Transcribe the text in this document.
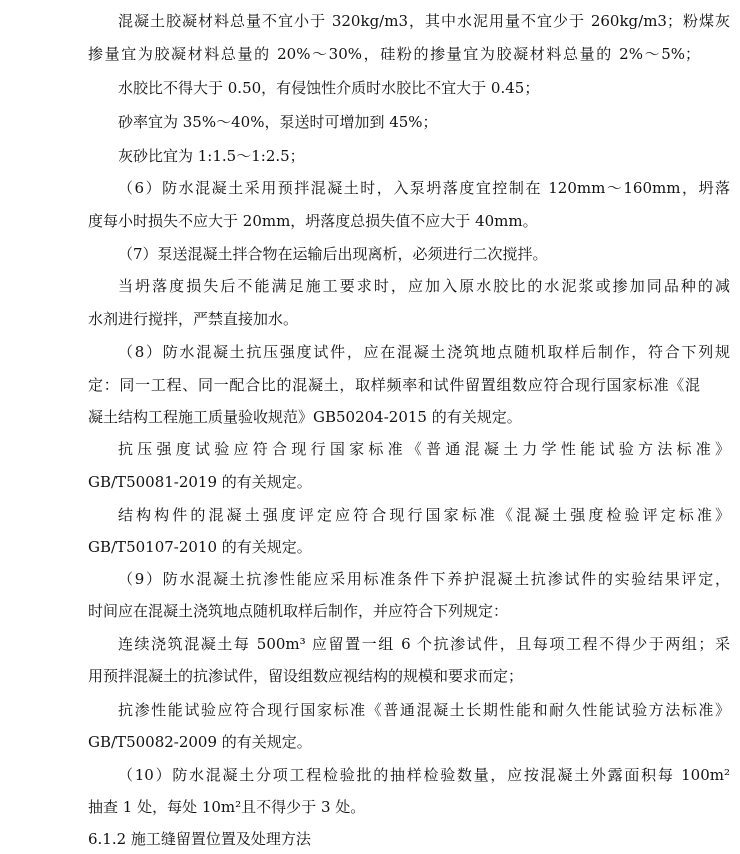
混凝土胶凝材料总量不宜小于 320kg/m3，其中水泥用量不宜少于 260kg/m3；粉煤灰
掺量宜为胶凝材料总量的 20%～30%，硅粉的掺量宜为胶凝材料总量的 2%～5%；
水胶比不得大于 0.50，有侵蚀性介质时水胶比不宜大于 0.45；
砂率宜为 35%～40%，泵送时可增加到 45%；
灰砂比宜为 1:1.5～1:2.5；
（6）防水混凝土采用预拌混凝土时，入泵坍落度宜控制在 120mm～160mm，坍落
度每小时损失不应大于 20mm，坍落度总损失值不应大于 40mm。
（7）泵送混凝土拌合物在运输后出现离析，必须进行二次搅拌。
当坍落度损失后不能满足施工要求时，应加入原水胶比的水泥浆或掺加同品种的减
水剂进行搅拌，严禁直接加水。
（8）防水混凝土抗压强度试件，应在混凝土浇筑地点随机取样后制作，符合下列规
定：同一工程、同一配合比的混凝土，取样频率和试件留置组数应符合现行国家标准《混
凝土结构工程施工质量验收规范》GB50204-2015 的有关规定。
抗压强度试验应符合现行国家标准《普通混凝土力学性能试验方法标准》
GB/T50081-2019 的有关规定。
结构构件的混凝土强度评定应符合现行国家标准《混凝土强度检验评定标准》
GB/T50107-2010 的有关规定。
（9）防水混凝土抗渗性能应采用标准条件下养护混凝土抗渗试件的实验结果评定，
时间应在混凝土浇筑地点随机取样后制作，并应符合下列规定：
连续浇筑混凝土每 500m³ 应留置一组 6 个抗渗试件，且每项工程不得少于两组；采
用预拌混凝土的抗渗试件，留设组数应视结构的规模和要求而定；
抗渗性能试验应符合现行国家标准《普通混凝土长期性能和耐久性能试验方法标准》
GB/T50082-2009 的有关规定。
（10）防水混凝土分项工程检验批的抽样检验数量，应按混凝土外露面积每 100m²
抽查 1 处，每处 10m²且不得少于 3 处。
6.1.2 施工缝留置位置及处理方法
